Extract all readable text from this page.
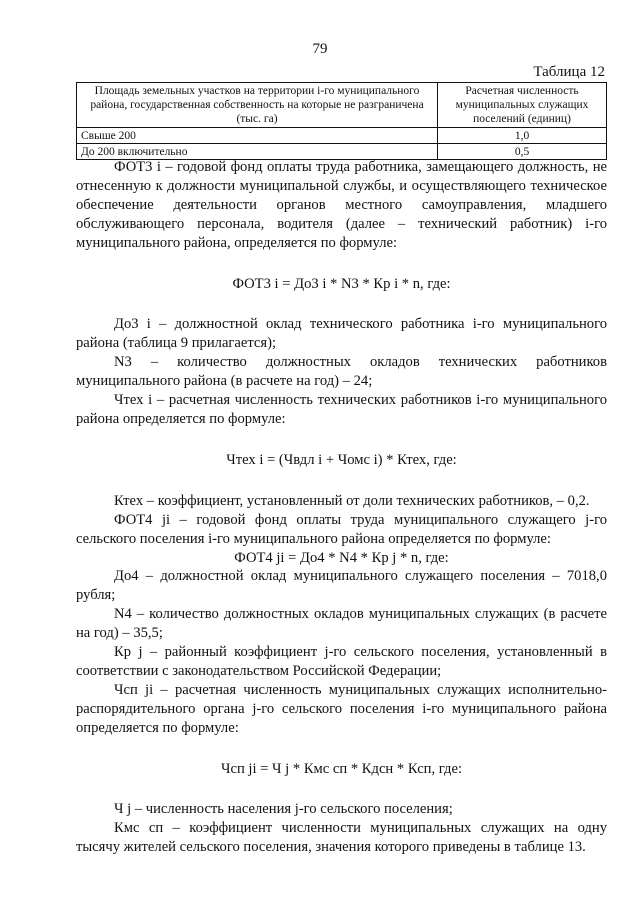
79
Таблица 12
Площадь земельных участков на территории i-го муниципального района, государственная собственность на которые не разграничена (тыс. га)	Расчетная численность муниципальных служащих поселений (единиц)
Свыше 200	1,0
До 200 включительно	0,5

ФОТ3 i – годовой фонд оплаты труда работника, замещающего должность, не отнесенную к должности муниципальной службы, и осуществляющего техническое обеспечение деятельности органов местного самоуправления, младшего обслуживающего персонала, водителя (далее – технический работник) i-го муниципального района, определяется по формуле:

ФОТ3 i = До3 i * N3 * Кр i * n, где:

До3 i – должностной оклад технического работника i-го муниципального района (таблица 9 прилагается);

N3 – количество должностных окладов технических работников муниципального района (в расчете на год) – 24;

Чтех i – расчетная численность технических работников i-го муниципального района определяется по формуле:

Чтех i = (Чвдл i + Чомс i) * Ктех, где:

Ктех – коэффициент, установленный от доли технических работников, – 0,2.

ФОТ4 ji – годовой фонд оплаты труда муниципального служащего j-го сельского поселения i-го муниципального района определяется по формуле:

ФОТ4 ji = До4 * N4 * Кр j * n, где:

До4 – должностной оклад муниципального служащего поселения – 7018,0 рубля;

N4 – количество должностных окладов муниципальных служащих (в расчете на год) – 35,5;

Кр j – районный коэффициент j-го сельского поселения, установленный в соответствии с законодательством Российской Федерации;

Чсп ji – расчетная численность муниципальных служащих исполнительно-распорядительного органа j-го сельского поселения i-го муниципального района определяется по формуле:

Чсп ji = Ч j * Кмс сп * Кдсн * Ксп, где:

Ч j – численность населения j-го сельского поселения;

Кмс сп – коэффициент численности муниципальных служащих на одну тысячу жителей сельского поселения, значения которого приведены в таблице 13.
